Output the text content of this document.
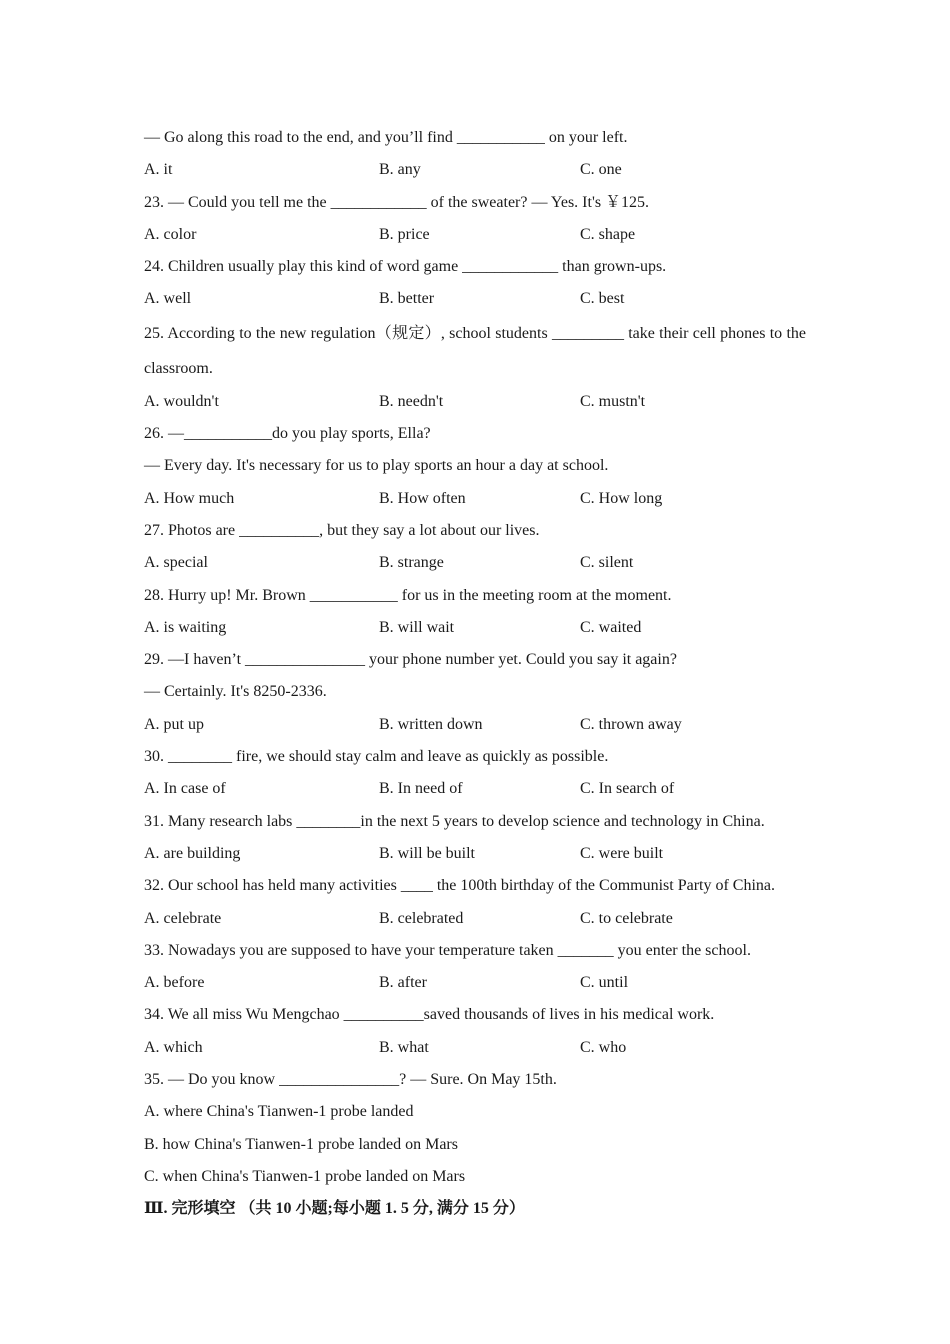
— Go along this road to the end, and you’ll find ___________ on your left.
A. it	B. any	C. one
23. — Could you tell me the ____________ of the sweater? — Yes. It's ￥125.
A. color	B. price	C. shape
24. Children usually play this kind of word game ____________ than grown-ups.
A. well	B. better	C. best
25. According to the new regulation（规定）, school students _________ take their cell phones to the classroom.
A. wouldn't	B. needn't	C. mustn't
26. —___________do you play sports, Ella?
— Every day. It's necessary for us to play sports an hour a day at school.
A. How much	B. How often	C. How long
27. Photos are __________, but they say a lot about our lives.
A. special	B. strange	C. silent
28. Hurry up! Mr. Brown ___________ for us in the meeting room at the moment.
A. is waiting	B. will wait	C. waited
29. —I haven’t _______________ your phone number yet. Could you say it again?
— Certainly. It's 8250-2336.
A. put up	B. written down	C. thrown away
30. ________ fire, we should stay calm and leave as quickly as possible.
A. In case of	B. In need of	C. In search of
31. Many research labs ________in the next 5 years to develop science and technology in China.
A. are building	B. will be built	C. were built
32. Our school has held many activities ____ the 100th birthday of the Communist Party of China.
A. celebrate	B. celebrated	C. to celebrate
33. Nowadays you are supposed to have your temperature taken _______ you enter the school.
A. before	B. after	C. until
34. We all miss Wu Mengchao __________saved thousands of lives in his medical work.
A. which	B. what	C. who
35. — Do you know _______________? — Sure. On May 15th.
A. where China's Tianwen-1 probe landed
B. how China's Tianwen-1 probe landed on Mars
C. when China's Tianwen-1 probe landed on Mars
Ⅲ. 完形填空 （共 10 小题;每小题 1. 5 分, 满分 15 分）
